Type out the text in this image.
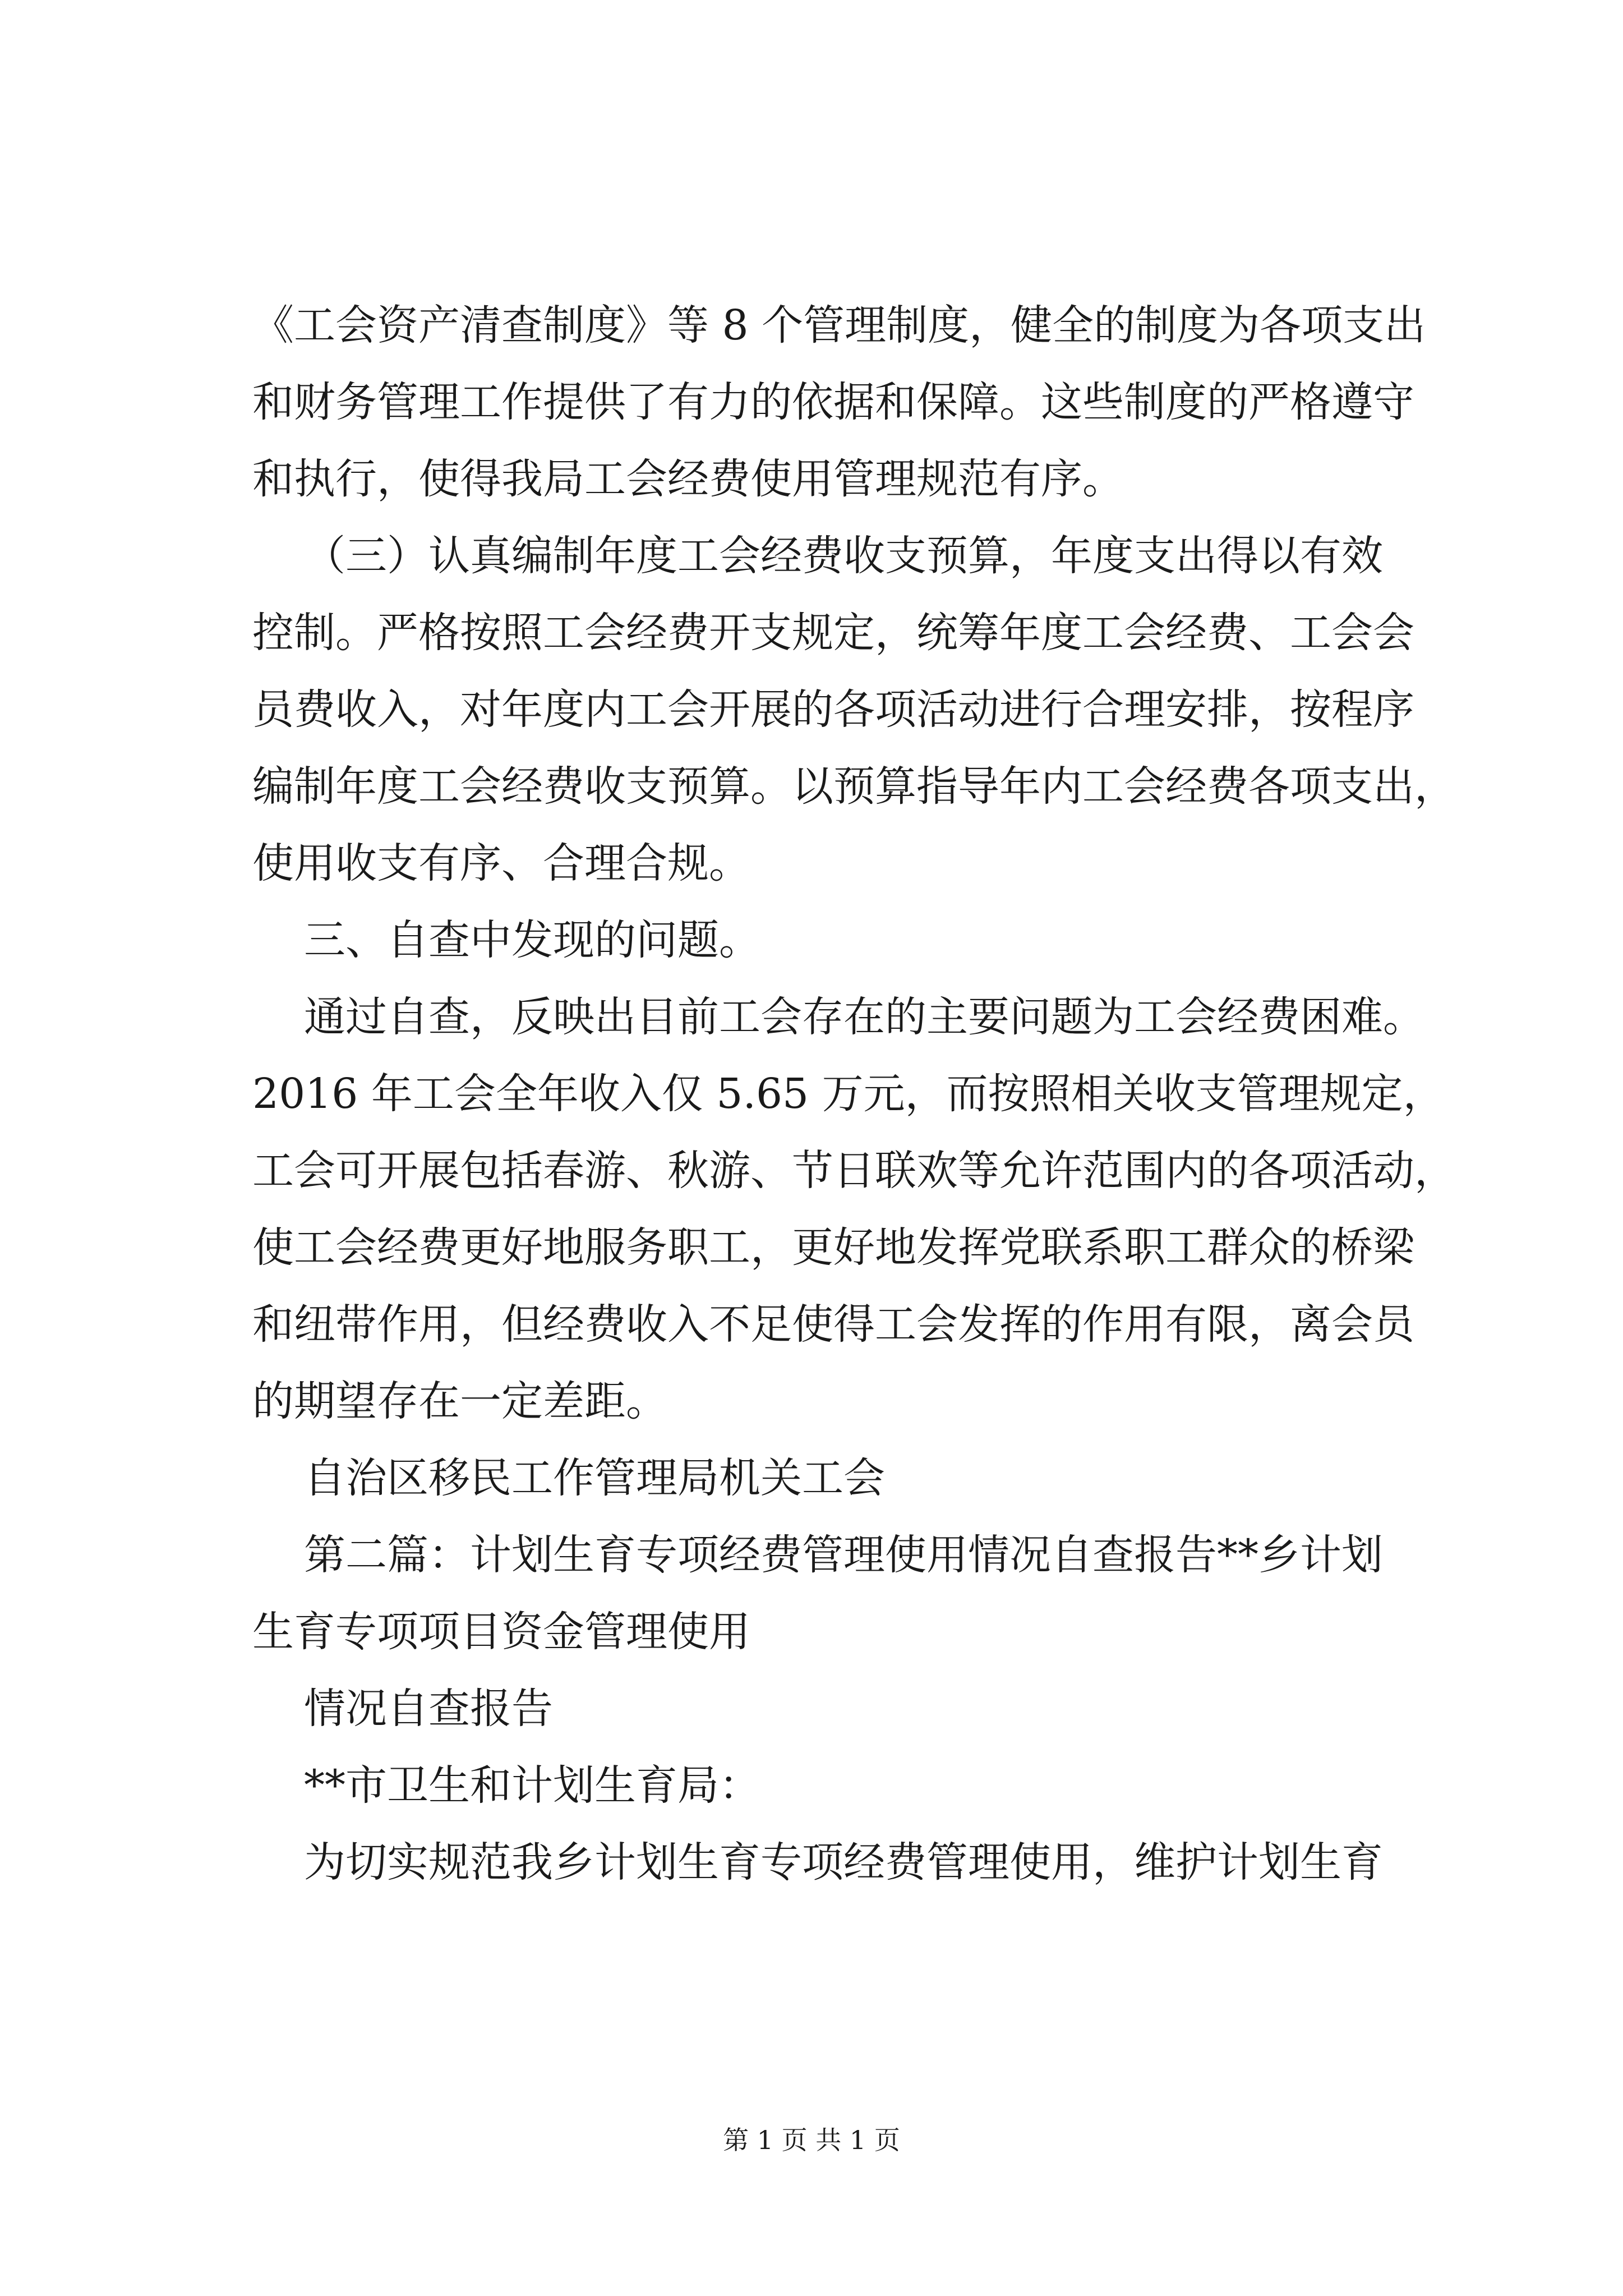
《工会资产清查制度》等 8 个管理制度，健全的制度为各项支出
和财务管理工作提供了有力的依据和保障。这些制度的严格遵守
和执行，使得我局工会经费使用管理规范有序。
（三）认真编制年度工会经费收支预算，年度支出得以有效
控制。严格按照工会经费开支规定，统筹年度工会经费、工会会
员费收入，对年度内工会开展的各项活动进行合理安排，按程序
编制年度工会经费收支预算。以预算指导年内工会经费各项支出，
使用收支有序、合理合规。
三、自查中发现的问题。
通过自查，反映出目前工会存在的主要问题为工会经费困难。
2016 年工会全年收入仅 5.65 万元，而按照相关收支管理规定，
工会可开展包括春游、秋游、节日联欢等允许范围内的各项活动，
使工会经费更好地服务职工，更好地发挥党联系职工群众的桥梁
和纽带作用，但经费收入不足使得工会发挥的作用有限，离会员
的期望存在一定差距。
自治区移民工作管理局机关工会
第二篇：计划生育专项经费管理使用情况自查报告**乡计划
生育专项项目资金管理使用
情况自查报告
**市卫生和计划生育局：
为切实规范我乡计划生育专项经费管理使用，维护计划生育
第 1 页 共 1 页
